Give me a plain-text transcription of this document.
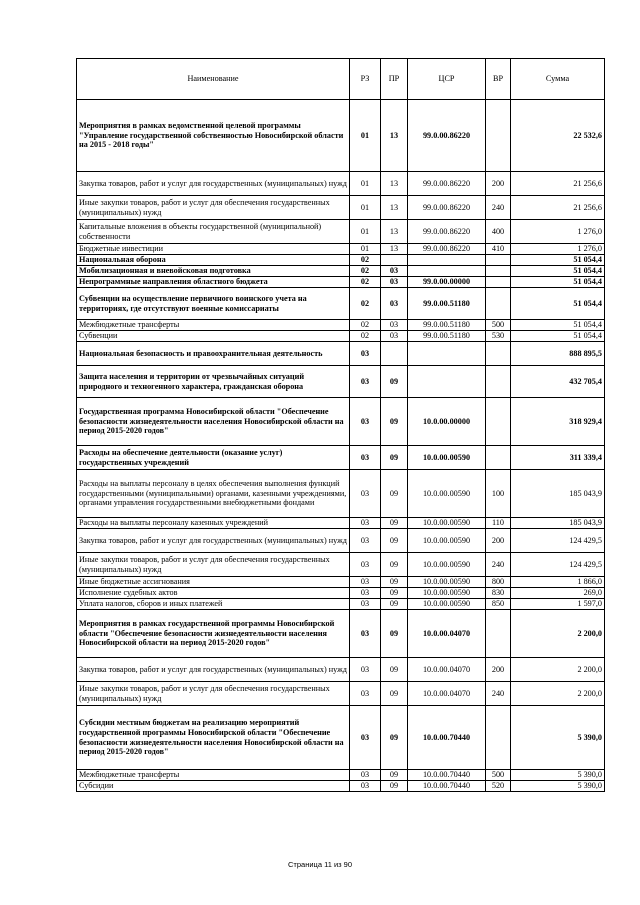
Наименование	РЗ	ПР	ЦСР	ВР	Сумма
Мероприятия в рамках ведомственной целевой программы "Управление государственной собственностью Новосибирской области на 2015 - 2018 годы"	01	13	99.0.00.86220		22 532,6
Закупка товаров, работ и услуг для государственных (муниципальных) нужд	01	13	99.0.00.86220	200	21 256,6
Иные закупки товаров, работ и услуг для обеспечения государственных (муниципальных) нужд	01	13	99.0.00.86220	240	21 256,6
Капитальные вложения в объекты государственной (муниципальной) собственности	01	13	99.0.00.86220	400	1 276,0
Бюджетные инвестиции	01	13	99.0.00.86220	410	1 276,0
Национальная оборона	02				51 054,4
Мобилизационная и вневойсковая подготовка	02	03			51 054,4
Непрограммные направления областного бюджета	02	03	99.0.00.00000		51 054,4
Субвенции на осуществление первичного воинского учета на территориях, где отсутствуют военные комиссариаты	02	03	99.0.00.51180		51 054,4
Межбюджетные трансферты	02	03	99.0.00.51180	500	51 054,4
Субвенции	02	03	99.0.00.51180	530	51 054,4
Национальная безопасность и правоохранительная деятельность	03				888 895,5
Защита населения и территории от чрезвычайных ситуаций природного и техногенного характера, гражданская оборона	03	09			432 705,4
Государственная программа Новосибирской области "Обеспечение безопасности жизнедеятельности населения Новосибирской области на период 2015-2020 годов"	03	09	10.0.00.00000		318 929,4
Расходы на обеспечение деятельности (оказание услуг) государственных учреждений	03	09	10.0.00.00590		311 339,4
Расходы на выплаты персоналу в целях обеспечения выполнения функций государственными (муниципальными) органами, казенными учреждениями, органами управления государственными внебюджетными фондами	03	09	10.0.00.00590	100	185 043,9
Расходы на выплаты персоналу казенных учреждений	03	09	10.0.00.00590	110	185 043,9
Закупка товаров, работ и услуг для государственных (муниципальных) нужд	03	09	10.0.00.00590	200	124 429,5
Иные закупки товаров, работ и услуг для обеспечения государственных (муниципальных) нужд	03	09	10.0.00.00590	240	124 429,5
Иные бюджетные ассигнования	03	09	10.0.00.00590	800	1 866,0
Исполнение судебных актов	03	09	10.0.00.00590	830	269,0
Уплата налогов, сборов и иных платежей	03	09	10.0.00.00590	850	1 597,0
Мероприятия в рамках государственной программы Новосибирской области "Обеспечение безопасности жизнедеятельности населения Новосибирской области на период 2015-2020 годов"	03	09	10.0.00.04070		2 200,0
Закупка товаров, работ и услуг для государственных (муниципальных) нужд	03	09	10.0.00.04070	200	2 200,0
Иные закупки товаров, работ и услуг для обеспечения государственных (муниципальных) нужд	03	09	10.0.00.04070	240	2 200,0
Субсидии местным бюджетам на реализацию мероприятий государственной программы Новосибирской области "Обеспечение безопасности жизнедеятельности населения Новосибирской области на период 2015-2020 годов"	03	09	10.0.00.70440		5 390,0
Межбюджетные трансферты	03	09	10.0.00.70440	500	5 390,0
Субсидии	03	09	10.0.00.70440	520	5 390,0
Страница 11 из 90
